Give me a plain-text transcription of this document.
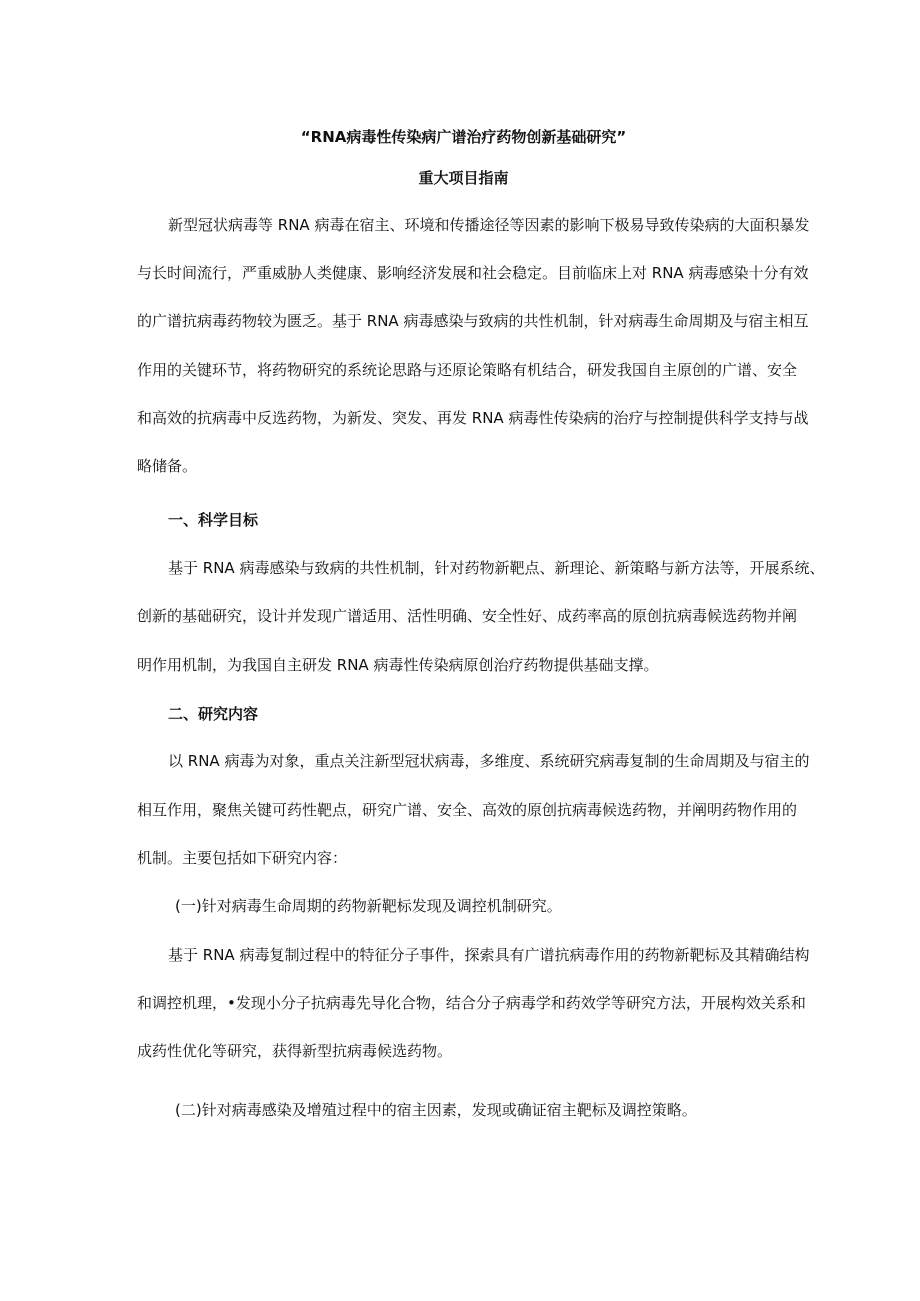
“RNA病毒性传染病广谱治疗药物创新基础研究”
重大项目指南
新型冠状病毒等 RNA 病毒在宿主、环境和传播途径等因素的影响下极易导致传染病的大面积暴发
与长时间流行，严重威胁人类健康、影响经济发展和社会稳定。目前临床上对 RNA 病毒感染十分有效
的广谱抗病毒药物较为匮乏。基于 RNA 病毒感染与致病的共性机制，针对病毒生命周期及与宿主相互
作用的关键环节，将药物研究的系统论思路与还原论策略有机结合，研发我国自主原创的广谱、安全
和高效的抗病毒中反选药物，为新发、突发、再发 RNA 病毒性传染病的治疗与控制提供科学支持与战
略储备。
一、科学目标
基于 RNA 病毒感染与致病的共性机制，针对药物新靶点、新理论、新策略与新方法等，开展系统、
创新的基础研究，设计并发现广谱适用、活性明确、安全性好、成药率高的原创抗病毒候选药物并阐
明作用机制，为我国自主研发 RNA 病毒性传染病原创治疗药物提供基础支撑。
二、研究内容
以 RNA 病毒为对象，重点关注新型冠状病毒，多维度、系统研究病毒复制的生命周期及与宿主的
相互作用，聚焦关键可药性靶点，研究广谱、安全、高效的原创抗病毒候选药物，并阐明药物作用的
机制。主要包括如下研究内容：
(一)针对病毒生命周期的药物新靶标发现及调控机制研究。
基于 RNA 病毒复制过程中的特征分子事件，探索具有广谱抗病毒作用的药物新靶标及其精确结构
和调控机理，•发现小分子抗病毒先导化合物，结合分子病毒学和药效学等研究方法，开展构效关系和
成药性优化等研究，获得新型抗病毒候选药物。
(二)针对病毒感染及增殖过程中的宿主因素，发现或确证宿主靶标及调控策略。
